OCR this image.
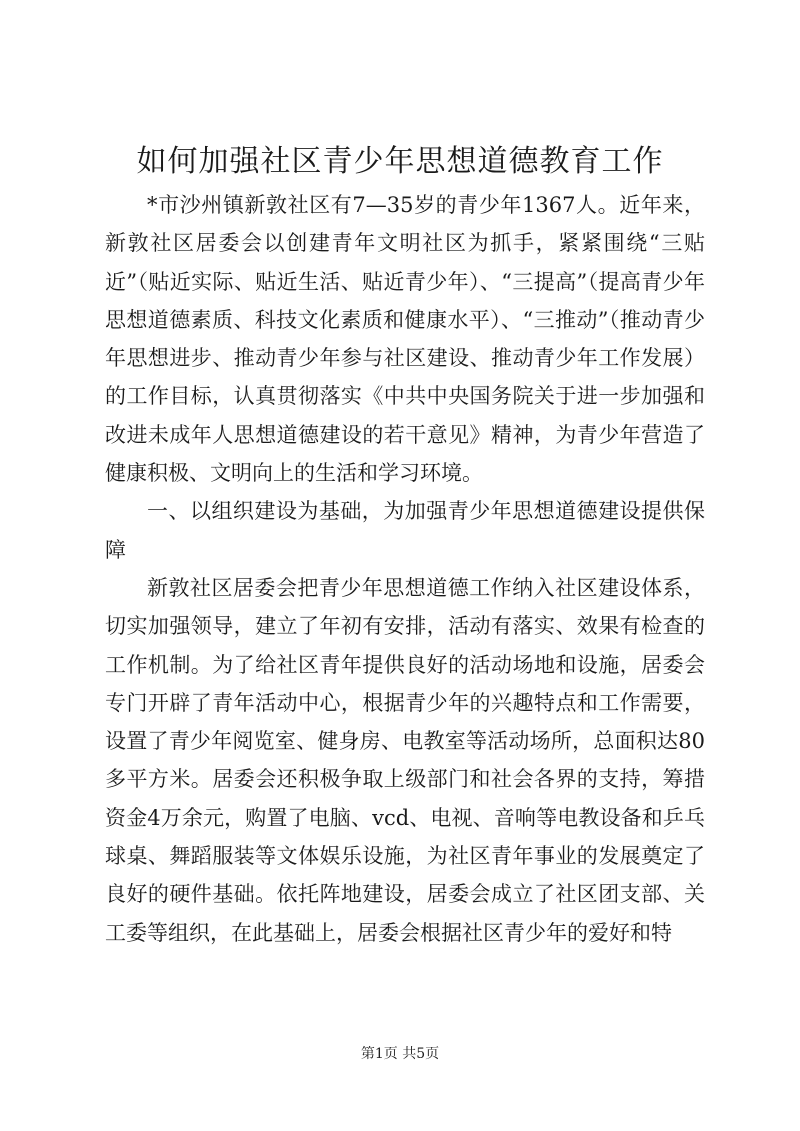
如何加强社区青少年思想道德教育工作

*市沙州镇新敦社区有7—35岁的青少年1367人。近年来，新敦社区居委会以创建青年文明社区为抓手，紧紧围绕“三贴近”（贴近实际、贴近生活、贴近青少年）、“三提高”（提高青少年思想道德素质、科技文化素质和健康水平）、“三推动”（推动青少年思想进步、推动青少年参与社区建设、推动青少年工作发展）的工作目标，认真贯彻落实《中共中央国务院关于进一步加强和改进未成年人思想道德建设的若干意见》精神，为青少年营造了健康积极、文明向上的生活和学习环境。

一、以组织建设为基础，为加强青少年思想道德建设提供保障

新敦社区居委会把青少年思想道德工作纳入社区建设体系，切实加强领导，建立了年初有安排，活动有落实、效果有检查的工作机制。为了给社区青年提供良好的活动场地和设施，居委会专门开辟了青年活动中心，根据青少年的兴趣特点和工作需要，设置了青少年阅览室、健身房、电教室等活动场所，总面积达80多平方米。居委会还积极争取上级部门和社会各界的支持，筹措资金4万余元，购置了电脑、vcd、电视、音响等电教设备和乒乓球桌、舞蹈服装等文体娱乐设施，为社区青年事业的发展奠定了良好的硬件基础。依托阵地建设，居委会成立了社区团支部、关工委等组织，在此基础上，居委会根据社区青少年的爱好和特

第1页 共5页
